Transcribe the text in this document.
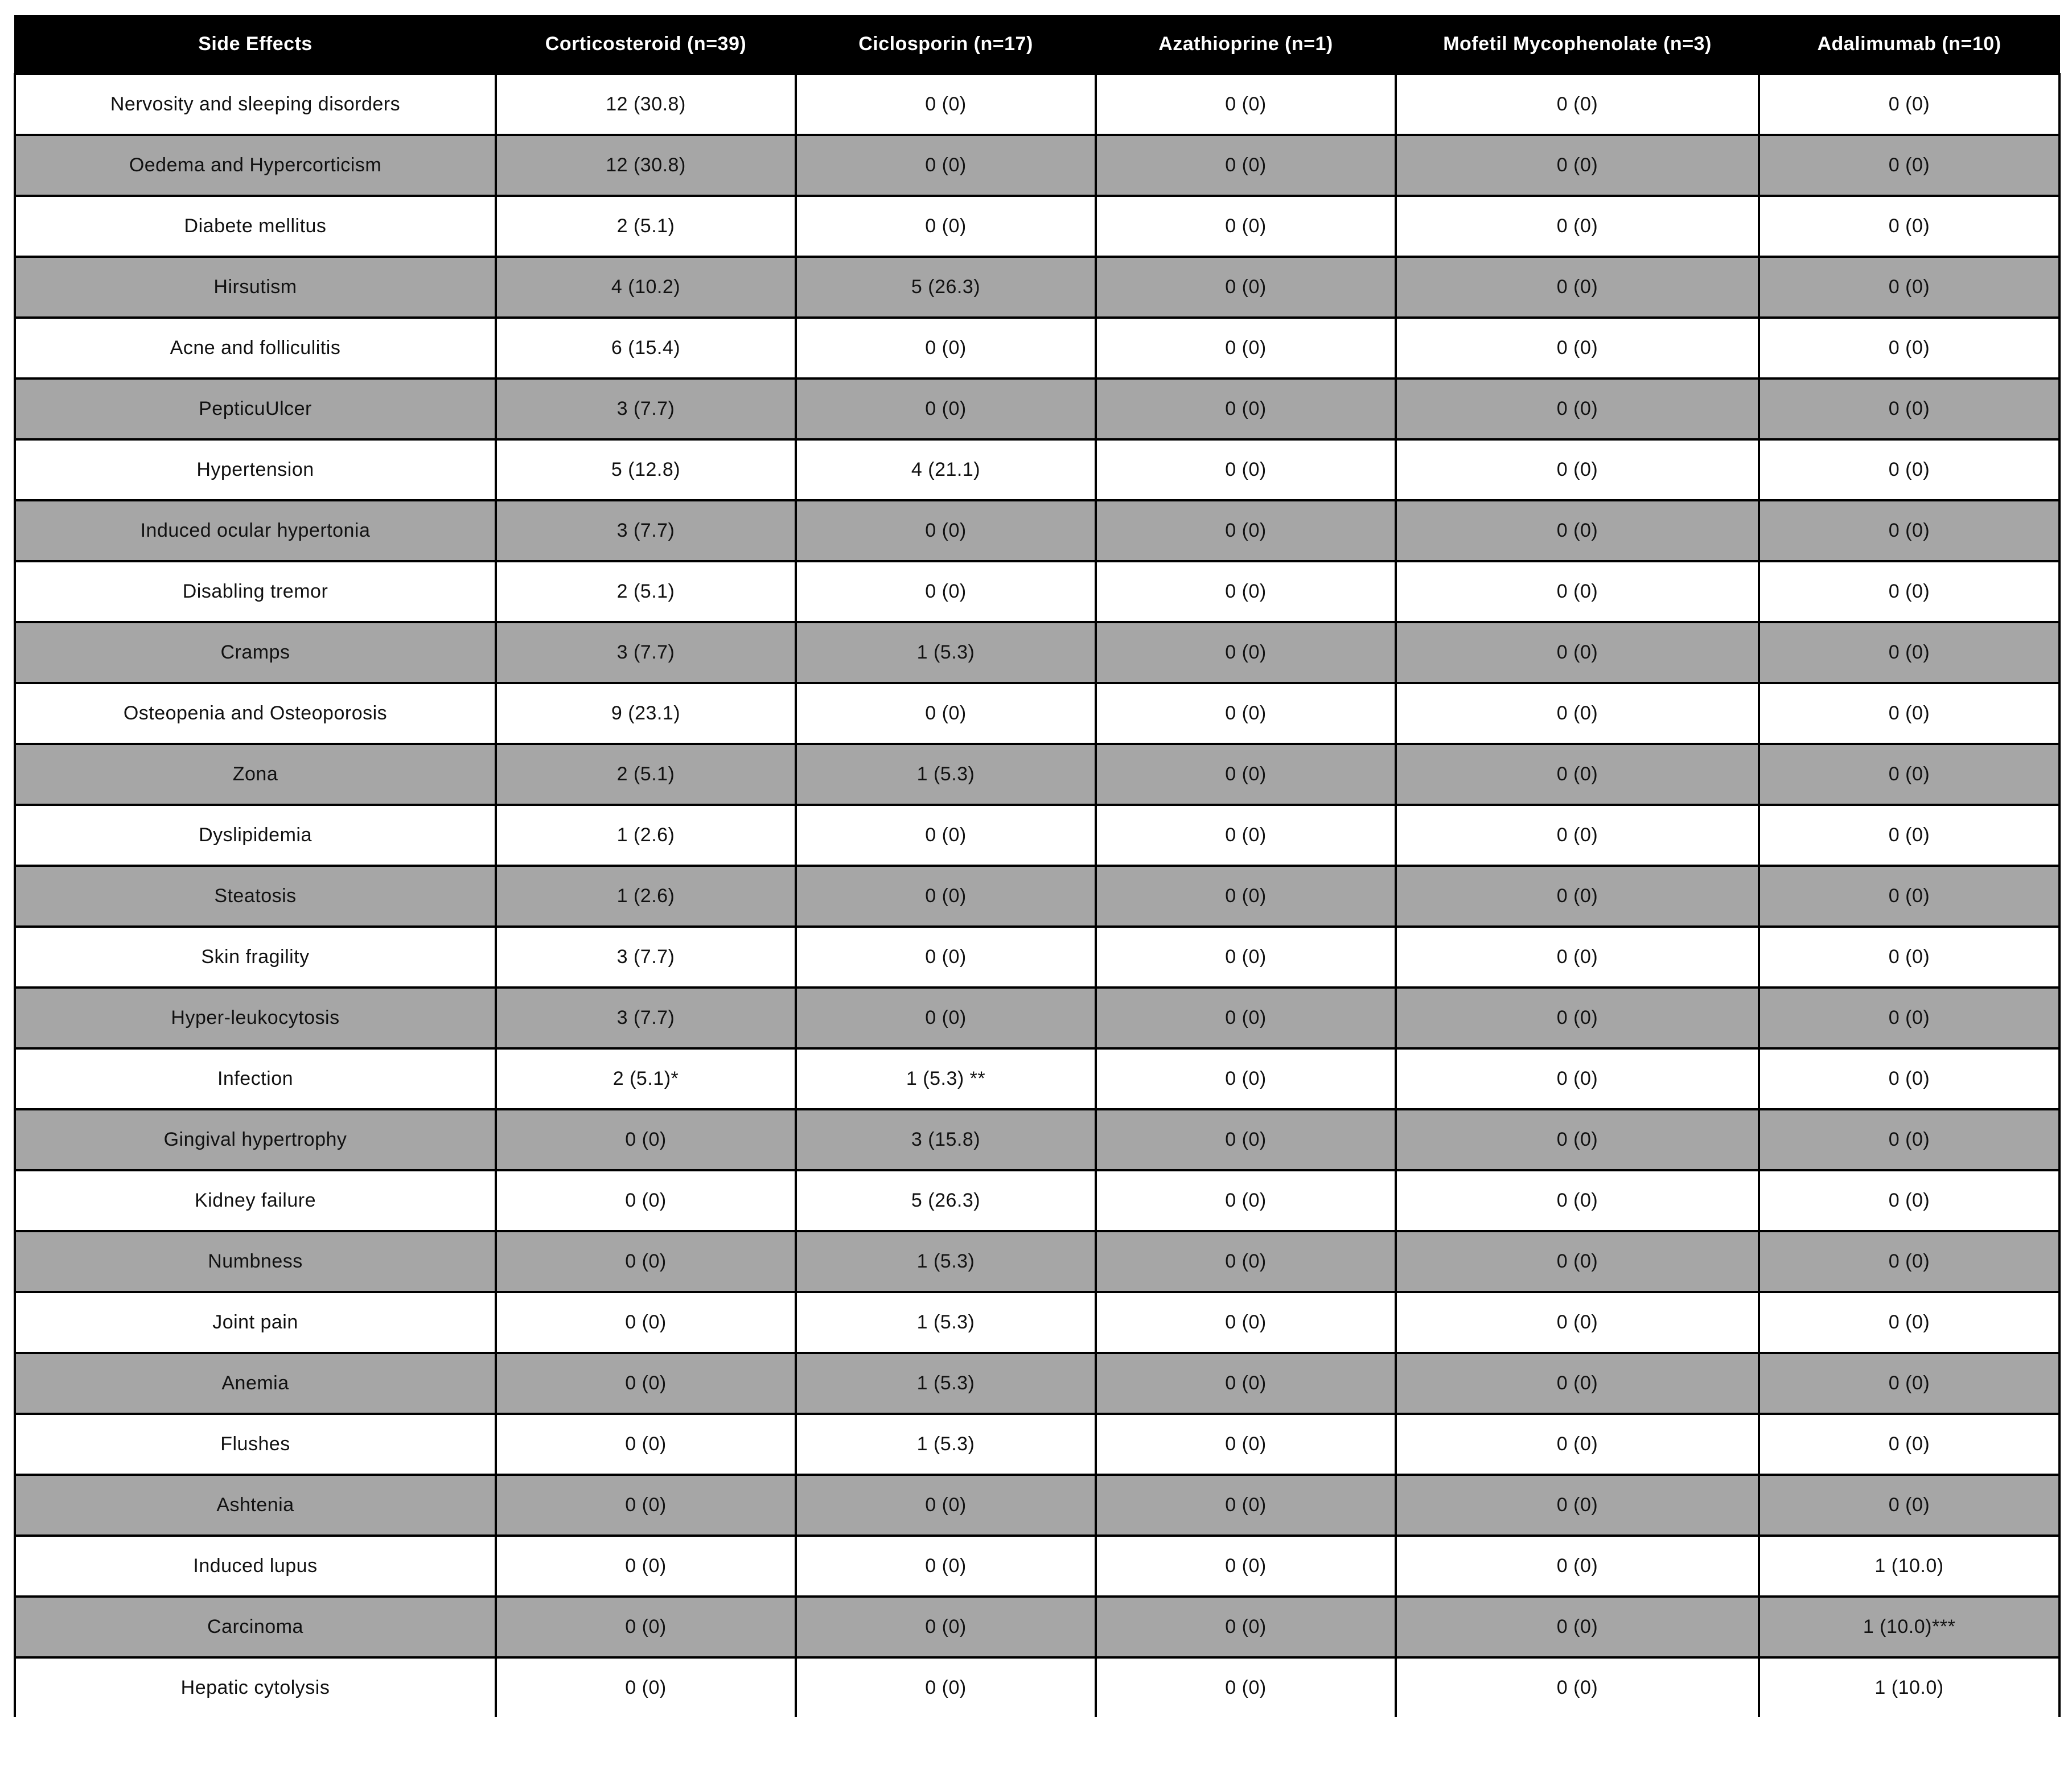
Side Effects	Corticosteroid (n=39)	Ciclosporin (n=17)	Azathioprine (n=1)	Mofetil Mycophenolate (n=3)	Adalimumab (n=10)
Nervosity and sleeping disorders	12 (30.8)	0 (0)	0 (0)	0 (0)	0 (0)
Oedema and Hypercorticism	12 (30.8)	0 (0)	0 (0)	0 (0)	0 (0)
Diabete mellitus	2 (5.1)	0 (0)	0 (0)	0 (0)	0 (0)
Hirsutism	4 (10.2)	5 (26.3)	0 (0)	0 (0)	0 (0)
Acne and folliculitis	6 (15.4)	0 (0)	0 (0)	0 (0)	0 (0)
PepticuUlcer	3 (7.7)	0 (0)	0 (0)	0 (0)	0 (0)
Hypertension	5 (12.8)	4 (21.1)	0 (0)	0 (0)	0 (0)
Induced ocular hypertonia	3 (7.7)	0 (0)	0 (0)	0 (0)	0 (0)
Disabling tremor	2 (5.1)	0 (0)	0 (0)	0 (0)	0 (0)
Cramps	3 (7.7)	1 (5.3)	0 (0)	0 (0)	0 (0)
Osteopenia and Osteoporosis	9 (23.1)	0 (0)	0 (0)	0 (0)	0 (0)
Zona	2 (5.1)	1 (5.3)	0 (0)	0 (0)	0 (0)
Dyslipidemia	1 (2.6)	0 (0)	0 (0)	0 (0)	0 (0)
Steatosis	1 (2.6)	0 (0)	0 (0)	0 (0)	0 (0)
Skin fragility	3 (7.7)	0 (0)	0 (0)	0 (0)	0 (0)
Hyper-leukocytosis	3 (7.7)	0 (0)	0 (0)	0 (0)	0 (0)
Infection	2 (5.1)*	1 (5.3) **	0 (0)	0 (0)	0 (0)
Gingival hypertrophy	0 (0)	3 (15.8)	0 (0)	0 (0)	0 (0)
Kidney failure	0 (0)	5 (26.3)	0 (0)	0 (0)	0 (0)
Numbness	0 (0)	1 (5.3)	0 (0)	0 (0)	0 (0)
Joint pain	0 (0)	1 (5.3)	0 (0)	0 (0)	0 (0)
Anemia	0 (0)	1 (5.3)	0 (0)	0 (0)	0 (0)
Flushes	0 (0)	1 (5.3)	0 (0)	0 (0)	0 (0)
Ashtenia	0 (0)	0 (0)	0 (0)	0 (0)	0 (0)
Induced lupus	0 (0)	0 (0)	0 (0)	0 (0)	1 (10.0)
Carcinoma	0 (0)	0 (0)	0 (0)	0 (0)	1 (10.0)***
Hepatic cytolysis	0 (0)	0 (0)	0 (0)	0 (0)	1 (10.0)
